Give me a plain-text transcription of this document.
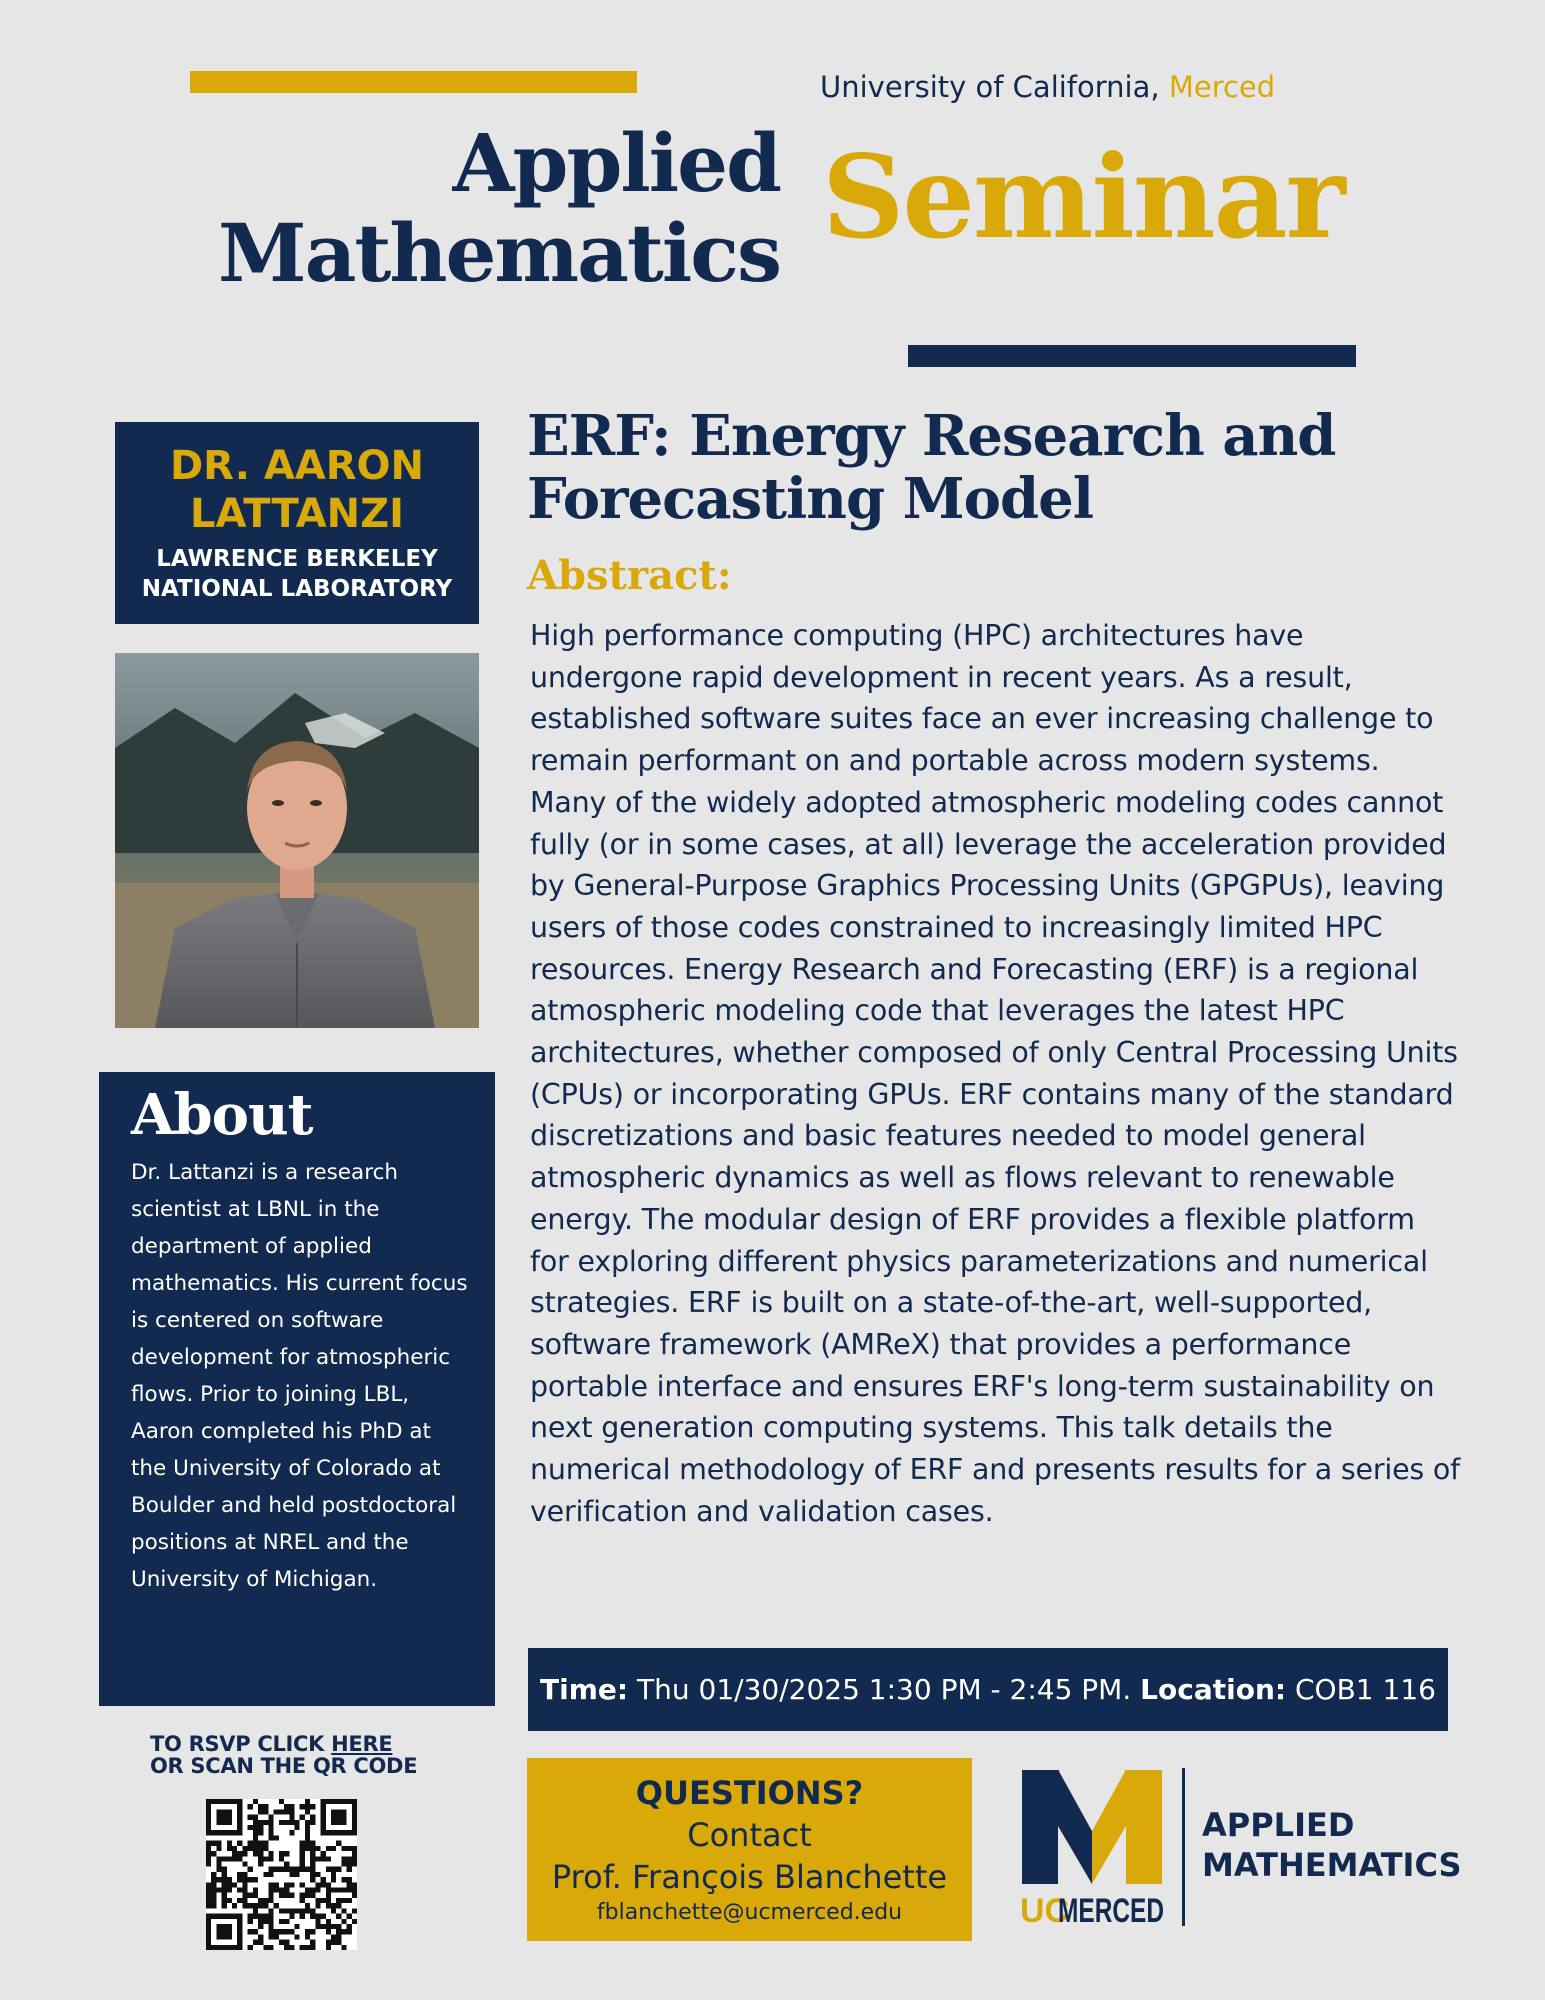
University of California, Merced
Applied
Mathematics Seminar
DR. AARON
LATTANZI
LAWRENCE BERKELEY
NATIONAL LABORATORY
About
Dr. Lattanzi is a research scientist at LBNL in the department of applied mathematics. His current focus is centered on software development for atmospheric flows. Prior to joining LBL, Aaron completed his PhD at the University of Colorado at Boulder and held postdoctoral positions at NREL and the University of Michigan.
TO RSVP CLICK HERE
OR SCAN THE QR CODE
ERF: Energy Research and
Forecasting Model
Abstract:
High performance computing (HPC) architectures have undergone rapid development in recent years. As a result, established software suites face an ever increasing challenge to remain performant on and portable across modern systems. Many of the widely adopted atmospheric modeling codes cannot fully (or in some cases, at all) leverage the acceleration provided by General-Purpose Graphics Processing Units (GPGPUs), leaving users of those codes constrained to increasingly limited HPC resources. Energy Research and Forecasting (ERF) is a regional atmospheric modeling code that leverages the latest HPC architectures, whether composed of only Central Processing Units (CPUs) or incorporating GPUs. ERF contains many of the standard discretizations and basic features needed to model general atmospheric dynamics as well as flows relevant to renewable energy. The modular design of ERF provides a flexible platform for exploring different physics parameterizations and numerical strategies. ERF is built on a state-of-the-art, well-supported, software framework (AMReX) that provides a performance portable interface and ensures ERF's long-term sustainability on next generation computing systems. This talk details the numerical methodology of ERF and presents results for a series of verification and validation cases.
Time: Thu 01/30/2025 1:30 PM - 2:45 PM. Location: COB1 116
QUESTIONS?
Contact
Prof. François Blanchette
fblanchette@ucmerced.edu	UC
MERCED
APPLIED
MATHEMATICS
